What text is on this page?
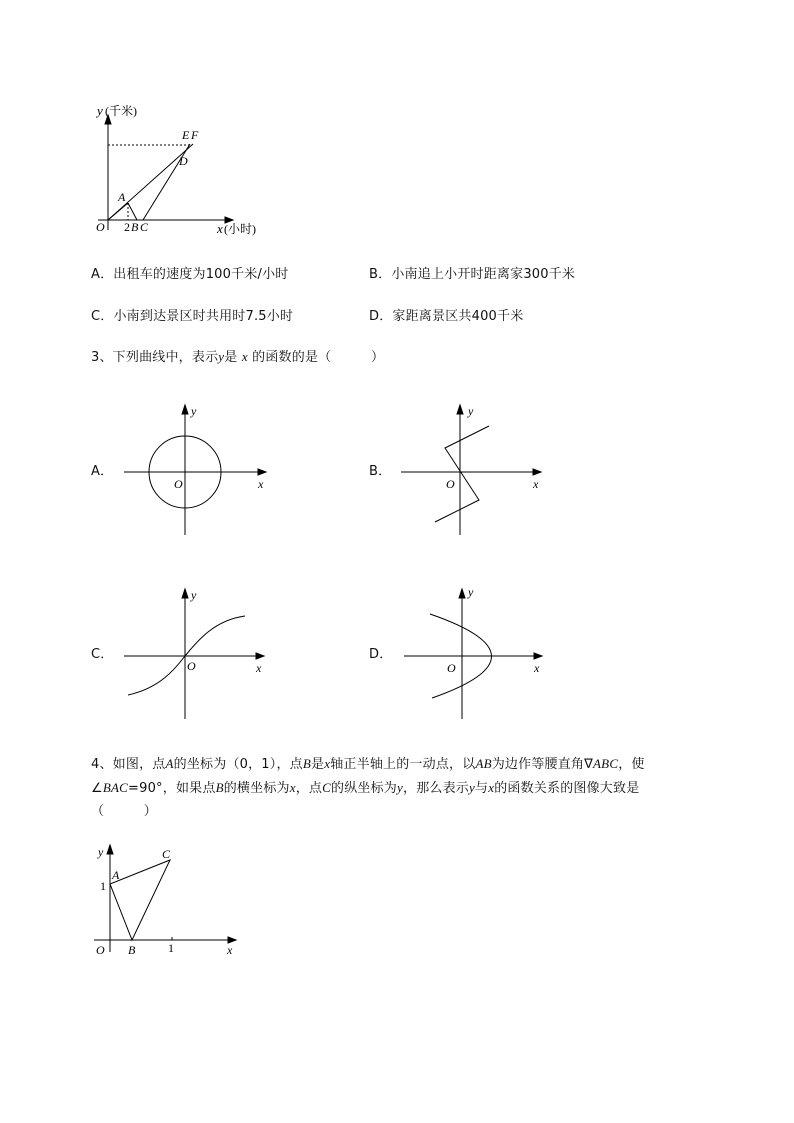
y (千米)
x (小时)
E F
D
A
O 2 B C
A．出租车的速度为100千米/小时	B．小南追上小开时距离家300千米
C．小南到达景区时共用时7.5小时	D．家距离景区共400千米
3、下列曲线中，表示y是 x 的函数的是（　　　）
A．	B．
C．	D．
y
x
O
y
x
O
y
x
O
y
x
O
4、如图，点A的坐标为（0，1），点B是x轴正半轴上的一动点，以AB为边作等腰直角∇ABC，使
∠BAC=90°，如果点B的横坐标为x，点C的纵坐标为y，那么表示y与x的函数关系的图像大致是
（　　　）
y
x
O
1
1
A
B
C
